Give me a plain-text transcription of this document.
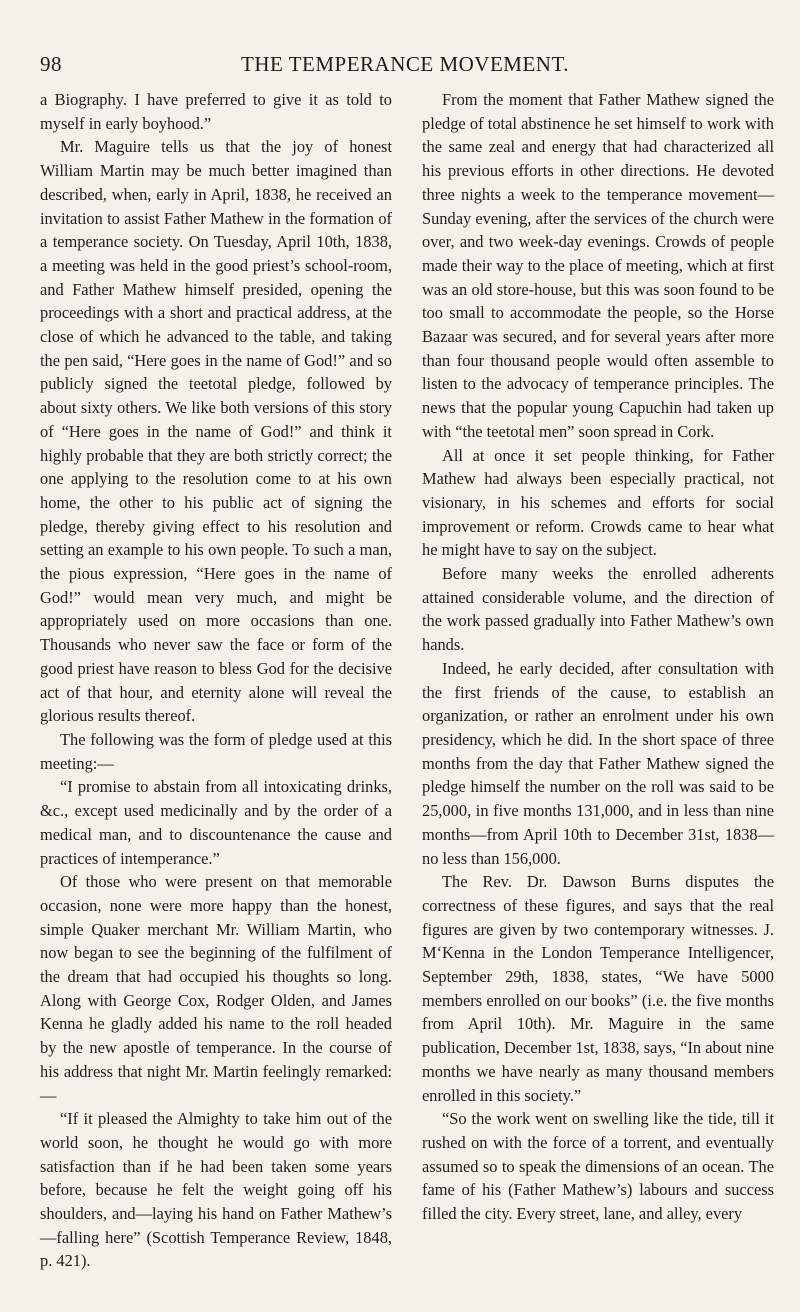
98	THE TEMPERANCE MOVEMENT.

a Biography. I have preferred to give it as told to myself in early boyhood.”

Mr. Maguire tells us that the joy of honest William Martin may be much better imagined than described, when, early in April, 1838, he received an invitation to assist Father Mathew in the formation of a temperance society. On Tuesday, April 10th, 1838, a meeting was held in the good priest’s school-room, and Father Mathew himself presided, opening the proceedings with a short and practical address, at the close of which he advanced to the table, and taking the pen said, “Here goes in the name of God!” and so publicly signed the teetotal pledge, followed by about sixty others. We like both versions of this story of “Here goes in the name of God!” and think it highly probable that they are both strictly correct; the one applying to the resolution come to at his own home, the other to his public act of signing the pledge, thereby giving effect to his resolution and setting an example to his own people. To such a man, the pious expression, “Here goes in the name of God!” would mean very much, and might be appropriately used on more occasions than one. Thousands who never saw the face or form of the good priest have reason to bless God for the decisive act of that hour, and eternity alone will reveal the glorious results thereof.

The following was the form of pledge used at this meeting:—

“I promise to abstain from all intoxicating drinks, &c., except used medicinally and by the order of a medical man, and to discountenance the cause and practices of intemperance.”

Of those who were present on that memorable occasion, none were more happy than the honest, simple Quaker merchant Mr. William Martin, who now began to see the beginning of the fulfilment of the dream that had occupied his thoughts so long. Along with George Cox, Rodger Olden, and James Kenna he gladly added his name to the roll headed by the new apostle of temperance. In the course of his address that night Mr. Martin feelingly remarked:—

“If it pleased the Almighty to take him out of the world soon, he thought he would go with more satisfaction than if he had been taken some years before, because he felt the weight going off his shoulders, and—laying his hand on Father Mathew’s—falling here” (Scottish Temperance Review, 1848, p. 421).

From the moment that Father Mathew signed the pledge of total abstinence he set himself to work with the same zeal and energy that had characterized all his previous efforts in other directions. He devoted three nights a week to the temperance movement—Sunday evening, after the services of the church were over, and two week-day evenings. Crowds of people made their way to the place of meeting, which at first was an old store-house, but this was soon found to be too small to accommodate the people, so the Horse Bazaar was secured, and for several years after more than four thousand people would often assemble to listen to the advocacy of temperance principles. The news that the popular young Capuchin had taken up with “the teetotal men” soon spread in Cork.

All at once it set people thinking, for Father Mathew had always been especially practical, not visionary, in his schemes and efforts for social improvement or reform. Crowds came to hear what he might have to say on the subject.

Before many weeks the enrolled adherents attained considerable volume, and the direction of the work passed gradually into Father Mathew’s own hands.

Indeed, he early decided, after consultation with the first friends of the cause, to establish an organization, or rather an enrolment under his own presidency, which he did. In the short space of three months from the day that Father Mathew signed the pledge himself the number on the roll was said to be 25,000, in five months 131,000, and in less than nine months—from April 10th to December 31st, 1838—no less than 156,000.

The Rev. Dr. Dawson Burns disputes the correctness of these figures, and says that the real figures are given by two contemporary witnesses. J. M‘Kenna in the London Temperance Intelligencer, September 29th, 1838, states, “We have 5000 members enrolled on our books” (i.e. the five months from April 10th). Mr. Maguire in the same publication, December 1st, 1838, says, “In about nine months we have nearly as many thousand members enrolled in this society.”

“So the work went on swelling like the tide, till it rushed on with the force of a torrent, and eventually assumed so to speak the dimensions of an ocean. The fame of his (Father Mathew’s) labours and success filled the city. Every street, lane, and alley, every
